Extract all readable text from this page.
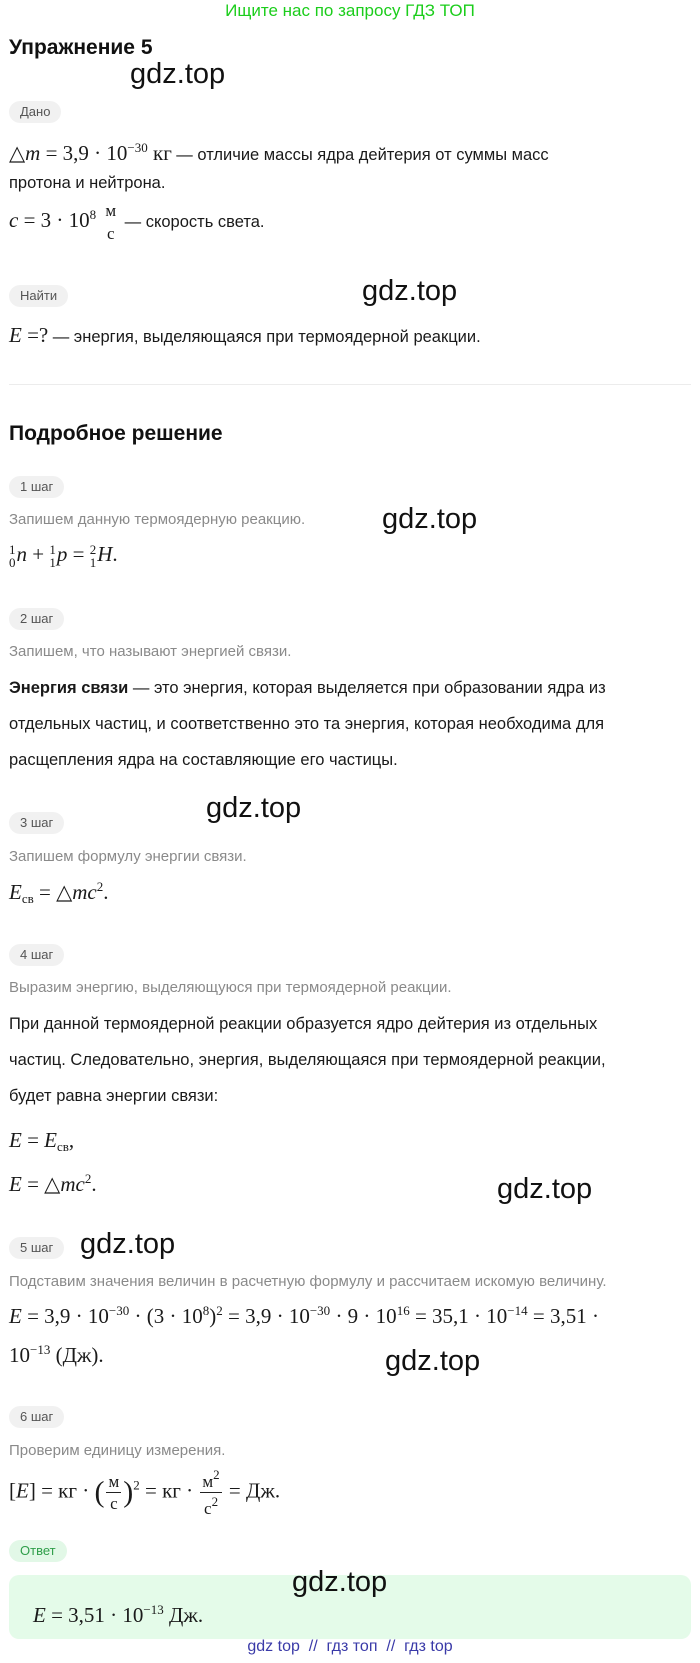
Ищите нас по запросу ГДЗ ТОП
Упражнение 5
gdz.top
Дано
△m = $3,9 \cdot 10^{-30}$ кг — отличие массы ядра дейтерия от суммы масс
протона и нейтрона.
$c = 3 \cdot 10^8$ м
с
— скорость света.
gdz.top
Найти
E =? — энергия, выделяющаяся при термоядерной реакции.
Подробное решение
1 шаг
Запишем данную термоядерную реакцию.	gdz.top
1
0 n + 1
1 p = 2
1 H.
2 шаг
Запишем, что называют энергией связи.
Энергия связи — это энергия, которая выделяется при образовании ядра из
отдельных частиц, и соответственно это та энергия, которая необходима для
расщепления ядра на составляющие его частицы.
gdz.top
3 шаг
Запишем формулу энергии связи.
$E_{св}$ = $\triangle mc^2$.
4 шаг
Выразим энергию, выделяющуюся при термоядерной реакции.
При данной термоядерной реакции образуется ядро дейтерия из отдельных
частиц. Следовательно, энергия, выделяющаяся при термоядерной реакции,
будет равна энергии связи:
$E = E_{св}$,
$E = \triangle mc^2$.	gdz.top
5 шаг gdz.top
Подставим значения величин в расчетную формулу и рассчитаем искомую величину.
$E = 3,9 \cdot 10^{-30} \cdot (3 \cdot 10^8)^2 = 3,9 \cdot 10^{-30} \cdot 9 \cdot 10^{16} = 35,1 \cdot 10^{-14} = 3,51$ ·
$10^{-13}$ (Дж).	gdz.top
6 шаг
Проверим единицу измерения.
[E] = кг · ( $\frac{м}{с} )^2$ = кг · $\frac{м^2}{с^2}$ = Дж.
Ответ
gdz.top
$E = 3,51 \cdot 10^{-13}$ Дж.
gdz top  //  гдз топ  //  гдз top
